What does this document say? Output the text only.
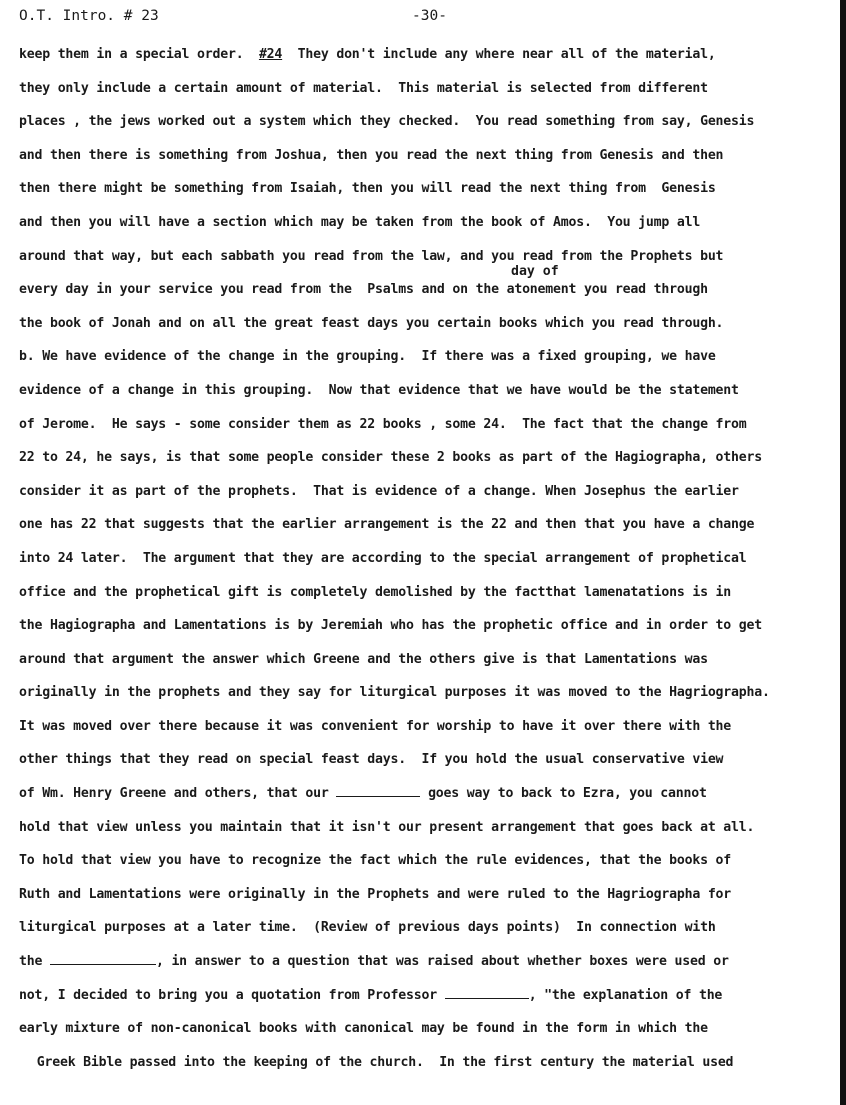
O.T. Intro. # 23	-30-
day of
keep them in a special order.  #24  They don't include any where near all of the material,
they only include a certain amount of material.  This material is selected from different
places , the jews worked out a system which they checked.  You read something from say, Genesis
and then there is something from Joshua, then you read the next thing from Genesis and then
then there might be something from Isaiah, then you will read the next thing from  Genesis
and then you will have a section which may be taken from the book of Amos.  You jump all
around that way, but each sabbath you read from the law, and you read from the Prophets but
every day in your service you read from the  Psalms and on the atonement you read through
the book of Jonah and on all the great feast days you certain books which you read through.
b. We have evidence of the change in the grouping.  If there was a fixed grouping, we have
evidence of a change in this grouping.  Now that evidence that we have would be the statement
of Jerome.  He says - some consider them as 22 books , some 24.  The fact that the change from
22 to 24, he says, is that some people consider these 2 books as part of the Hagiographa, others
consider it as part of the prophets.  That is evidence of a change. When Josephus the earlier
one has 22 that suggests that the earlier arrangement is the 22 and then that you have a change
into 24 later.  The argument that they are according to the special arrangement of prophetical
office and the prophetical gift is completely demolished by the factthat lamenatations is in
the Hagiographa and Lamentations is by Jeremiah who has the prophetic office and in order to get
around that argument the answer which Greene and the others give is that Lamentations was
originally in the prophets and they say for liturgical purposes it was moved to the Hagriographa.
It was moved over there because it was convenient for worship to have it over there with the
other things that they read on special feast days.  If you hold the usual conservative view
of Wm. Henry Greene and others, that our	goes way to back to Ezra, you cannot
hold that view unless you maintain that it isn't our present arrangement that goes back at all.
To hold that view you have to recognize the fact which the rule evidences, that the books of
Ruth and Lamentations were originally in the Prophets and were ruled to the Hagriographa for
liturgical purposes at a later time.  (Review of previous days points)  In connection with
the	, in answer to a question that was raised about whether boxes were used or
not, I decided to bring you a quotation from Professor	, "the explanation of the
early mixture of non-canonical books with canonical may be found in the form in which the
Greek Bible passed into the keeping of the church.  In the first century the material used
